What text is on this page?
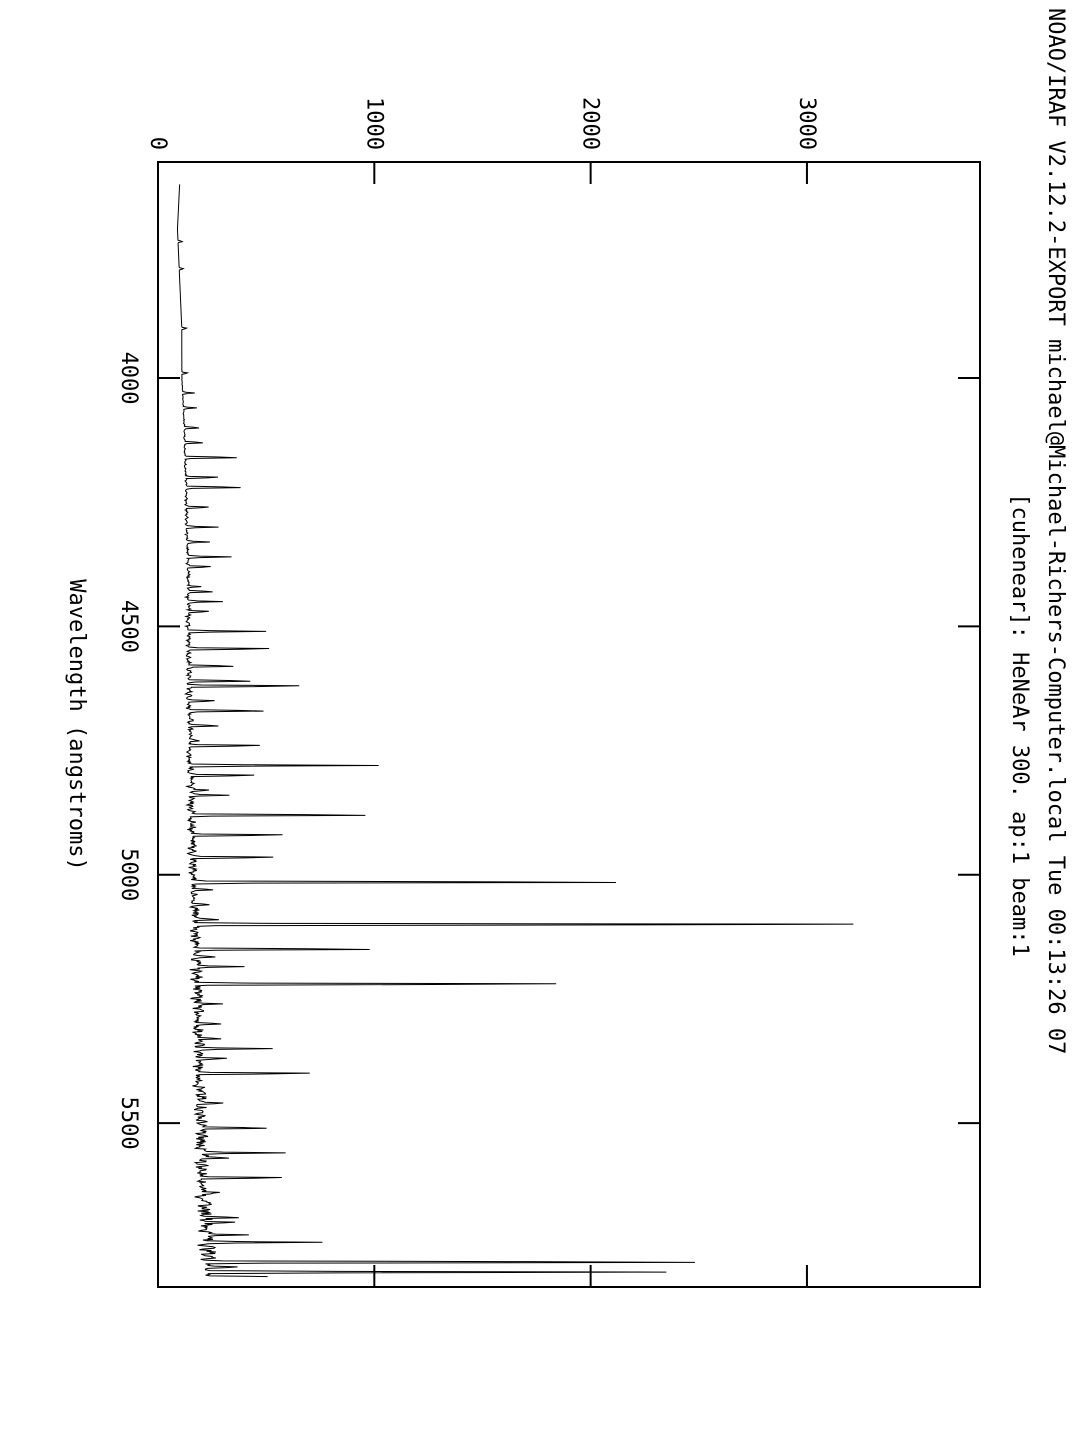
NOAO/IRAF V2.12.2-EXPORT michael@Michael-Richers-Computer.local Tue 00:13:26 07
[cuhenear]: HeNeAr 300. ap:1 beam:1
4000
4500
5000
5500
0	1000	2000	3000
Wavelength (angstroms)
